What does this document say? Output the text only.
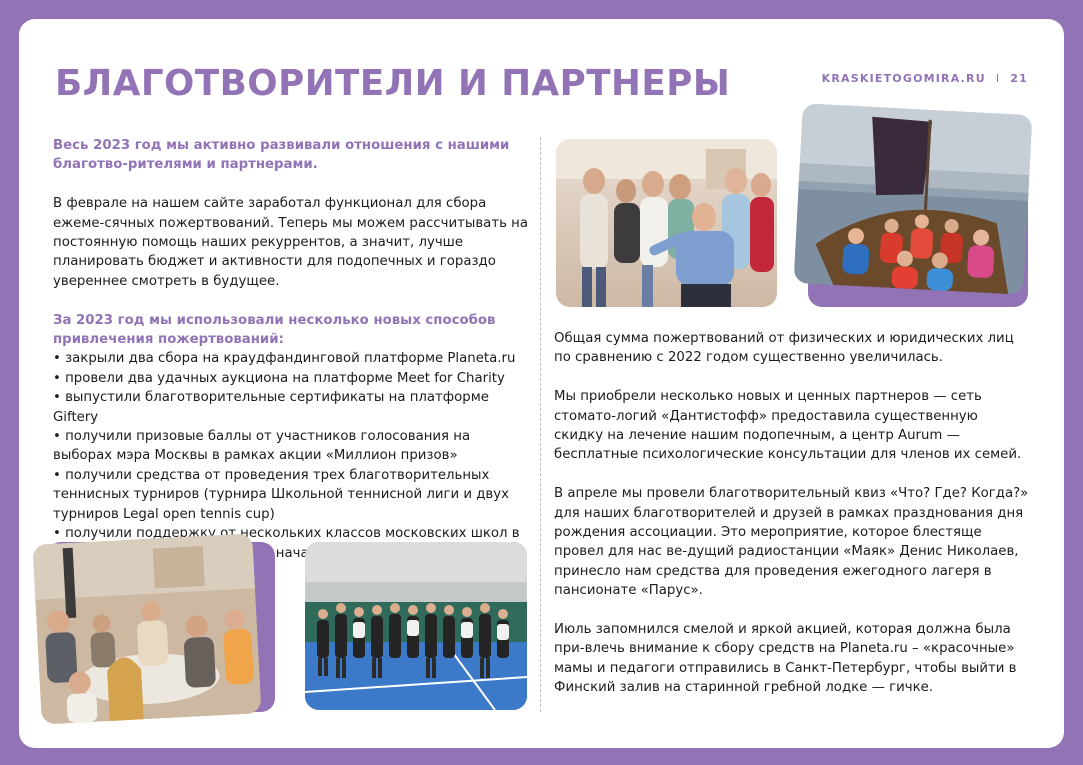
БЛАГОТВОРИТЕЛИ И ПАРТНЕРЫ	KRASKIETOGOMIRA.RU I 21

Весь 2023 год мы активно развивали отношения с нашими благотво-рителями и партнерами.

В феврале на нашем сайте заработал функционал для сбора ежеме-сячных пожертвований. Теперь мы можем рассчитывать на постоянную помощь наших рекуррентов, а значит, лучше планировать бюджет и активности для подопечных и гораздо увереннее смотреть в будущее.

За 2023 год мы использовали несколько новых способов привлечения пожертвований:

• закрыли два сбора на краудфандинговой платформе Planeta.ru

• провели два удачных аукциона на платформе Meet for Charity

• выпустили благотворительные сертификаты на платформе Giftery

• получили призовые баллы от участников голосования на выборах мэра Москвы в рамках акции «Миллион призов»

• получили средства от проведения трех благотворительных теннисных турниров (турнира Школьной теннисной лиги и двух турниров Legal open tennis cup)

• получили поддержку от нескольких классов московских школ в началу

Общая сумма пожертвований от физических и юридических лиц по сравнению с 2022 годом существенно увеличилась.

Мы приобрели несколько новых и ценных партнеров — сеть стомато-логий «Дантистофф» предоставила существенную скидку на лечение нашим подопечным, а центр Aurum — бесплатные психологические консультации для членов их семей.

В апреле мы провели благотворительный квиз «Что? Где? Когда?» для наших благотворителей и друзей в рамках празднования дня рождения ассоциации. Это мероприятие, которое блестяще провел для нас ве-дущий радиостанции «Маяк» Денис Николаев, принесло нам средства для проведения ежегодного лагеря в пансионате «Парус».

Июль запомнился смелой и яркой акцией, которая должна была при-влечь внимание к сбору средств на Planeta.ru – «красочные» мамы и педагоги отправились в Санкт-Петербург, чтобы выйти в Финский залив на старинной гребной лодке — гичке.
